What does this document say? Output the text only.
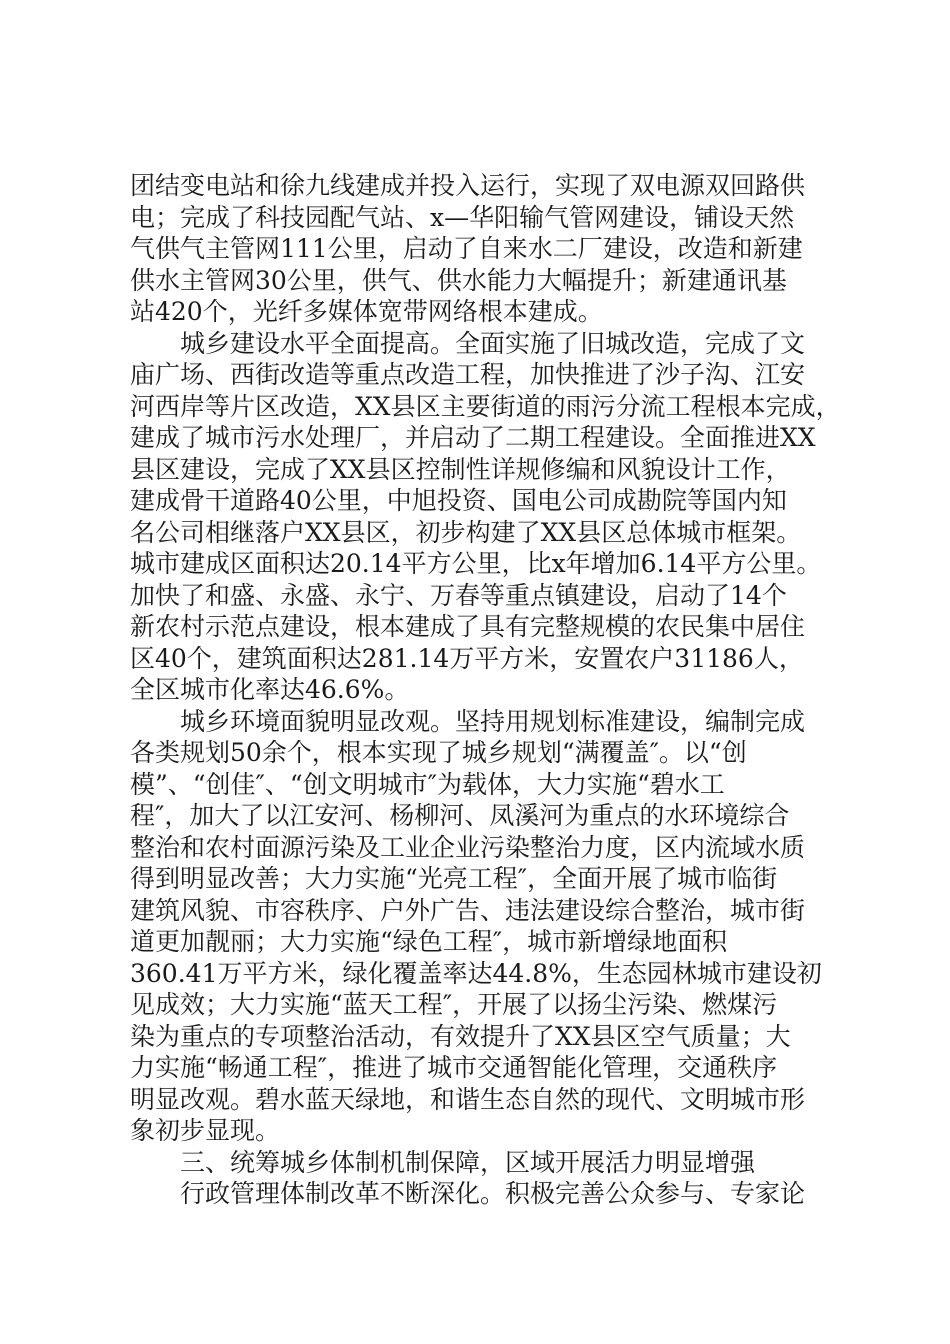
团结变电站和徐九线建成并投入运行，实现了双电源双回路供
电；完成了科技园配气站、x—华阳输气管网建设，铺设天然
气供气主管网111公里，启动了自来水二厂建设，改造和新建
供水主管网30公里，供气、供水能力大幅提升；新建通讯基
站420个，光纤多媒体宽带网络根本建成。
城乡建设水平全面提高。全面实施了旧城改造，完成了文
庙广场、西街改造等重点改造工程，加快推进了沙子沟、江安
河西岸等片区改造，XX县区主要街道的雨污分流工程根本完成，
建成了城市污水处理厂，并启动了二期工程建设。全面推进XX
县区建设，完成了XX县区控制性详规修编和风貌设计工作，
建成骨干道路40公里，中旭投资、国电公司成勘院等国内知
名公司相继落户XX县区，初步构建了XX县区总体城市框架。
城市建成区面积达20.14平方公里，比x年增加6.14平方公里。
加快了和盛、永盛、永宁、万春等重点镇建设，启动了14个
新农村示范点建设，根本建成了具有完整规模的农民集中居住
区40个，建筑面积达281.14万平方米，安置农户31186人，
全区城市化率达46.6%。
城乡环境面貌明显改观。坚持用规划标准建设，编制完成
各类规划50余个，根本实现了城乡规划“满覆盖″。以“创
模”、“创佳″、“创文明城市″为载体，大力实施“碧水工
程″，加大了以江安河、杨柳河、凤溪河为重点的水环境综合
整治和农村面源污染及工业企业污染整治力度，区内流域水质
得到明显改善；大力实施“光亮工程″，全面开展了城市临街
建筑风貌、市容秩序、户外广告、违法建设综合整治，城市街
道更加靓丽；大力实施“绿色工程″，城市新增绿地面积
360.41万平方米，绿化覆盖率达44.8%，生态园林城市建设初
见成效；大力实施“蓝天工程″，开展了以扬尘污染、燃煤污
染为重点的专项整治活动，有效提升了XX县区空气质量；大
力实施“畅通工程″，推进了城市交通智能化管理，交通秩序
明显改观。碧水蓝天绿地，和谐生态自然的现代、文明城市形
象初步显现。
三、统筹城乡体制机制保障，区域开展活力明显增强
行政管理体制改革不断深化。积极完善公众参与、专家论
